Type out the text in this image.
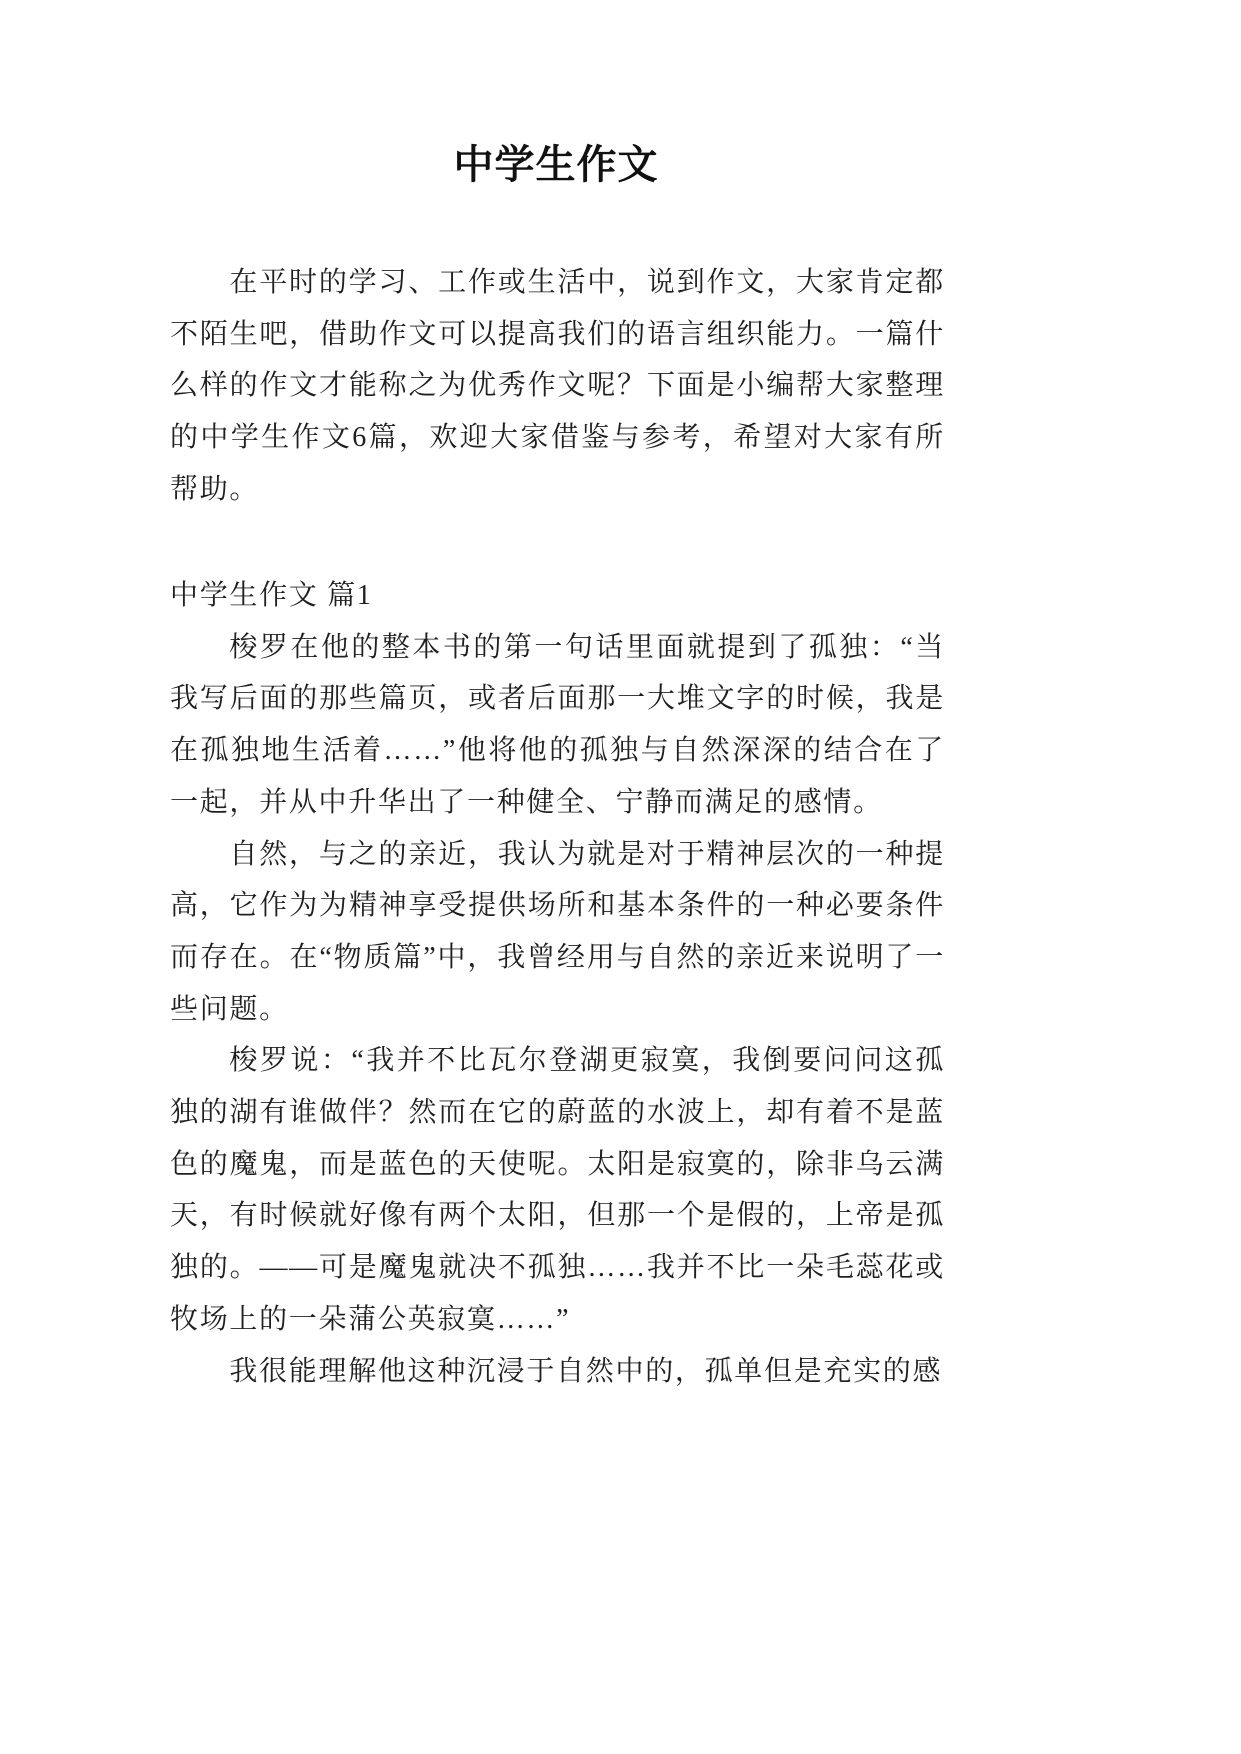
中学生作文

在平时的学习、工作或生活中，说到作文，大家肯定都不陌生吧，借助作文可以提高我们的语言组织能力。一篇什么样的作文才能称之为优秀作文呢？下面是小编帮大家整理的中学生作文6篇，欢迎大家借鉴与参考，希望对大家有所帮助。

中学生作文 篇1

梭罗在他的整本书的第一句话里面就提到了孤独：“当我写后面的那些篇页，或者后面那一大堆文字的时候，我是在孤独地生活着……”他将他的孤独与自然深深的结合在了一起，并从中升华出了一种健全、宁静而满足的感情。

自然，与之的亲近，我认为就是对于精神层次的一种提高，它作为为精神享受提供场所和基本条件的一种必要条件而存在。在“物质篇”中，我曾经用与自然的亲近来说明了一些问题。

梭罗说：“我并不比瓦尔登湖更寂寞，我倒要问问这孤独的湖有谁做伴？然而在它的蔚蓝的水波上，却有着不是蓝色的魔鬼，而是蓝色的天使呢。太阳是寂寞的，除非乌云满天，有时候就好像有两个太阳，但那一个是假的，上帝是孤独的。——可是魔鬼就决不孤独……我并不比一朵毛蕊花或牧场上的一朵蒲公英寂寞……”

我很能理解他这种沉浸于自然中的，孤单但是充实的感
